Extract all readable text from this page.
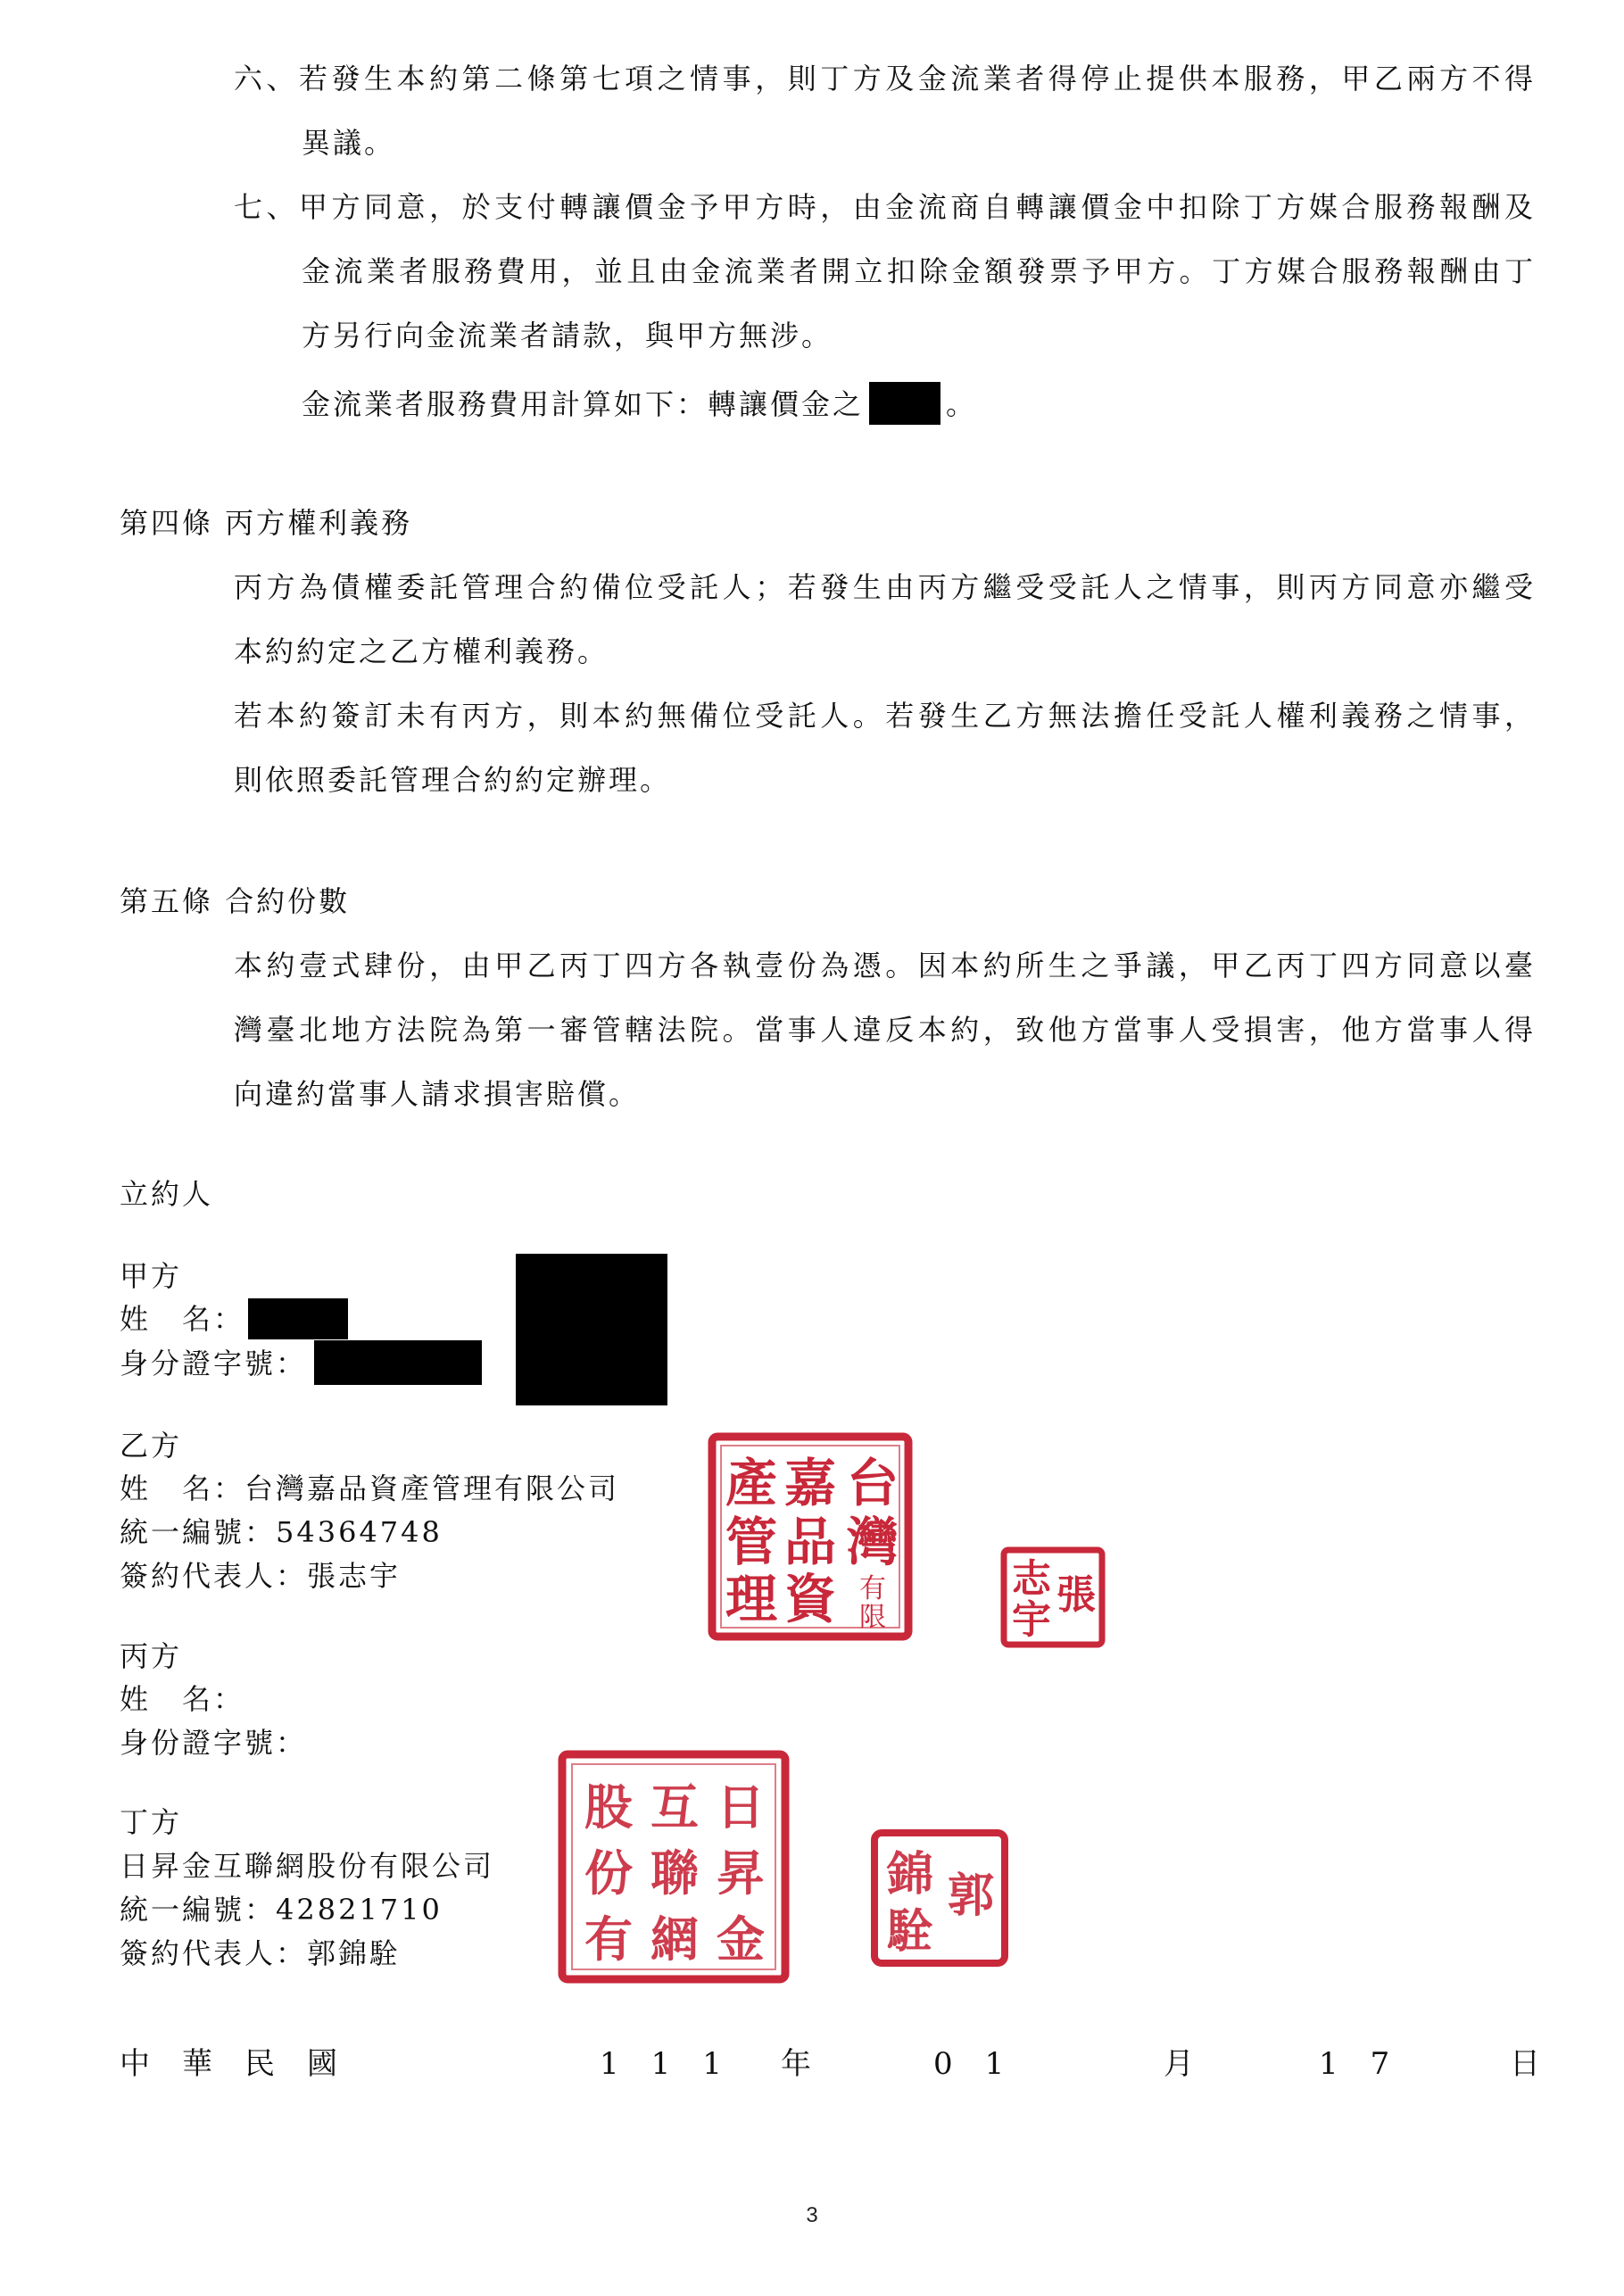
六、若發生本約第二條第七項之情事，則丁方及金流業者得停止提供本服務，甲乙兩方不得

異議。

七、甲方同意，於支付轉讓價金予甲方時，由金流商自轉讓價金中扣除丁方媒合服務報酬及

金流業者服務費用，並且由金流業者開立扣除金額發票予甲方。丁方媒合服務報酬由丁

方另行向金流業者請款，與甲方無涉。

金流業者服務費用計算如下：轉讓價金之	。

第四條 丙方權利義務

丙方為債權委託管理合約備位受託人；若發生由丙方繼受受託人之情事，則丙方同意亦繼受

本約約定之乙方權利義務。

若本約簽訂未有丙方，則本約無備位受託人。若發生乙方無法擔任受託人權利義務之情事，

則依照委託管理合約約定辦理。

第五條 合約份數

本約壹式肆份，由甲乙丙丁四方各執壹份為憑。因本約所生之爭議，甲乙丙丁四方同意以臺

灣臺北地方法院為第一審管轄法院。當事人違反本約，致他方當事人受損害，他方當事人得

向違約當事人請求損害賠償。

立約人

甲方

姓　名：

身分證字號：

乙方

姓　名：台灣嘉品資產管理有限公司

統一編號：54364748

簽約代表人：張志宇

台
灣
嘉
品
資
產
管
理	有
限	張
志
宇

丙方

姓　名：

身份證字號：

丁方

日昇金互聯網股份有限公司

統一編號：42821710

簽約代表人：郭錦駩

日
昇
金
互
聯
網
股
份
有
郭
錦
駩
中華民國	111 年	01	月	17	日
3
